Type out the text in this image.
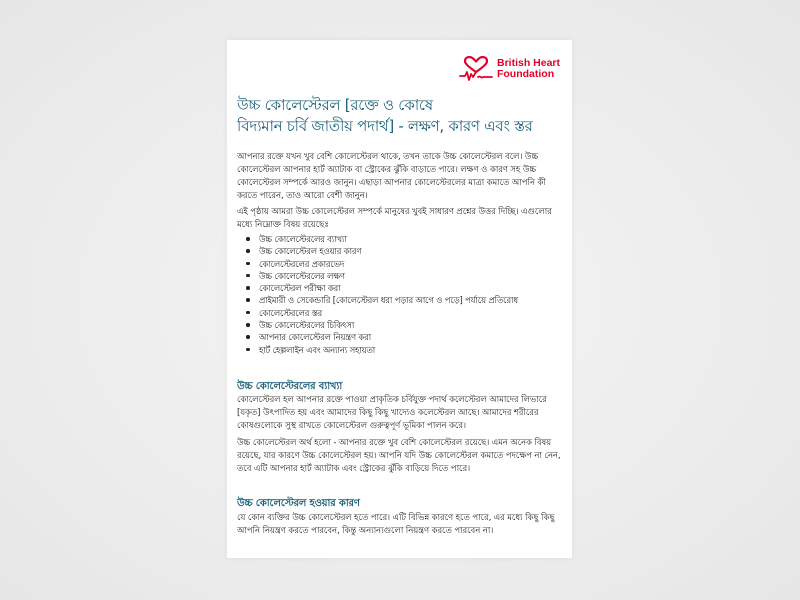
British Heart
Foundation
উচ্চ কোলেস্টেরল [রক্তে ও কোষে
বিদ্যমান চর্বি জাতীয় পদার্থ] - লক্ষণ, কারণ এবং স্তর

আপনার রক্তে যখন খুব বেশি কোলেস্টেরল থাকে, তখন তাকে উচ্চ কোলেস্টেরল বলে। উচ্চ কোলেস্টেরল আপনার হার্ট অ্যাটাক বা স্ট্রোকের ঝুঁকি বাড়াতে পারে। লক্ষণ ও কারণ সহ উচ্চ কোলেস্টেরল সম্পর্কে আরও জানুন। এছাড়া আপনার কোলেস্টেরলের মাত্রা কমাতে আপনি কী করতে পারেন, তাও আরো বেশী জানুন।

এই পৃষ্ঠায় আমরা উচ্চ কোলেস্টেরল সম্পর্কে মানুষের খুবই সাধারণ প্রশ্নের উত্তর দিচ্ছি। এগুলোর মধ্যে নিম্নোক্ত বিষয় রয়েছেঃ

উচ্চ কোলেস্টেরলের ব্যাখ্যা
উচ্চ কোলেস্টেরল হওয়ার কারণ
কোলেস্টেরলের প্রকারভেদ
উচ্চ কোলেস্টেরলের লক্ষণ
কোলেস্টেরল পরীক্ষা করা
প্রাইমারী ও সেকেন্ডারি [কোলেস্টেরল ধরা পড়ার আগে ও পড়ে] পর্যায়ে প্রতিরোধ
কোলেস্টেরলের স্তর
উচ্চ কোলেস্টেরলের চিকিৎসা
আপনার কোলেস্টেরল নিয়ন্ত্রণ করা
হার্ট হেল্পলাইন এবং অন্যান্য সহায়তা
উচ্চ কোলেস্টেরলের ব্যাখ্যা

কোলেস্টেরল হল আপনার রক্তে পাওয়া প্রাকৃতিক চর্বিযুক্ত পদার্থ কলেস্টেরল আমাদের লিভারে [যকৃত] উৎপাদিত হয় এবং আমাদের কিছু কিছু খাদ্যেও কলেস্টেরল আছে। আমাদের শরীরের কোষগুলোকে সুস্থ রাখতে কোলেস্টেরল গুরুত্বপূর্ণ ভূমিকা পালন করে।

উচ্চ কোলেস্টেরল অর্থ হলো - আপনার রক্তে খুব বেশি কোলেস্টেরল রয়েছে। এমন অনেক বিষয় রয়েছে, যার কারণে উচ্চ কোলেস্টেরল হয়। আপনি যদি উচ্চ কোলেস্টেরল কমাতে পদক্ষেপ না নেন, তবে এটি আপনার হার্ট অ্যাটাক এবং স্ট্রোকের ঝুঁকি বাড়িয়ে দিতে পারে।

উচ্চ কোলেস্টেরল হওয়ার কারণ

যে কোন ব্যক্তির উচ্চ কোলেস্টেরল হতে পারে। এটি বিভিন্ন কারণে হতে পারে, এর মধ্যে কিছু কিছু আপনি নিয়ন্ত্রণ করতে পারবেন, কিন্তু অন্যান্যগুলো নিয়ন্ত্রণ করতে পারবেন না।
